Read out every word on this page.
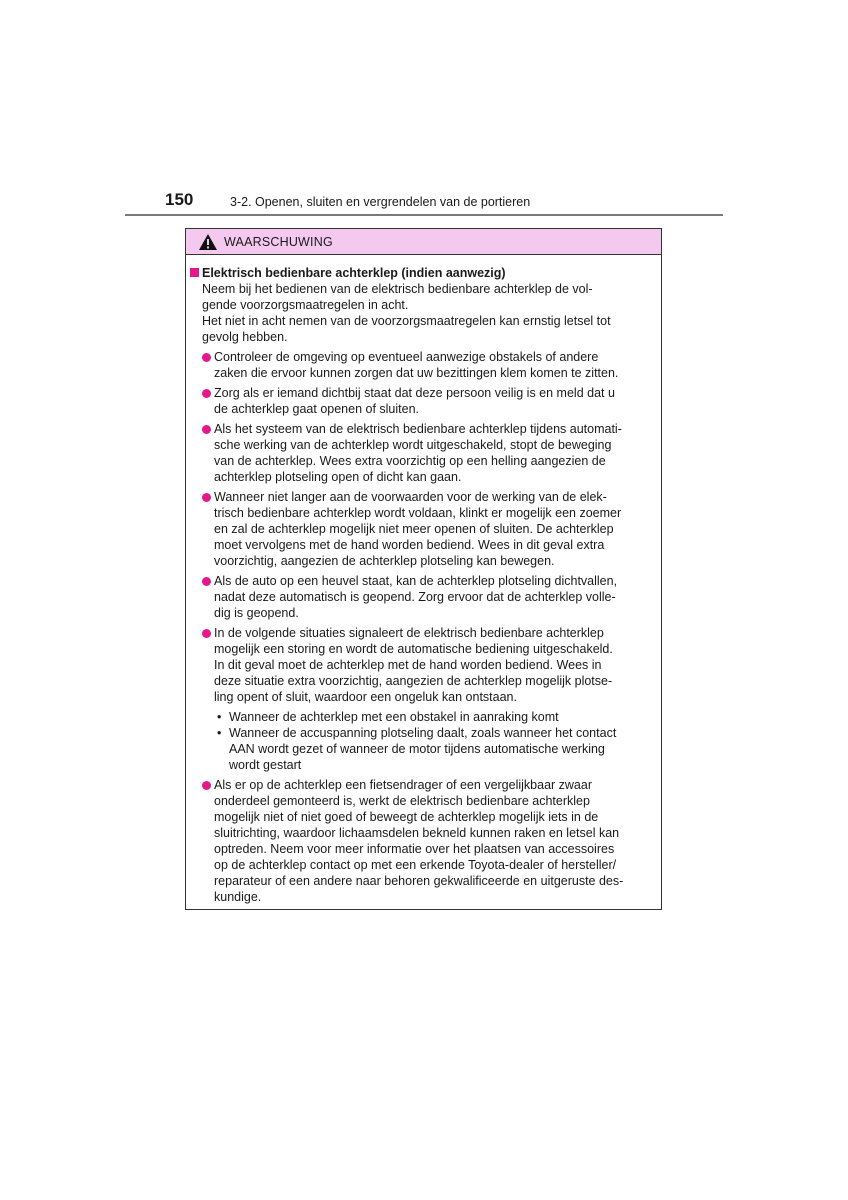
150	3-2. Openen, sluiten en vergrendelen van de portieren
WAARSCHUWING
Elektrisch bedienbare achterklep (indien aanwezig)
Neem bij het bedienen van de elektrisch bedienbare achterklep de vol-
gende voorzorgsmaatregelen in acht.
Het niet in acht nemen van de voorzorgsmaatregelen kan ernstig letsel tot
gevolg hebben.
Controleer de omgeving op eventueel aanwezige obstakels of andere
zaken die ervoor kunnen zorgen dat uw bezittingen klem komen te zitten.
Zorg als er iemand dichtbij staat dat deze persoon veilig is en meld dat u
de achterklep gaat openen of sluiten.
Als het systeem van de elektrisch bedienbare achterklep tijdens automati-
sche werking van de achterklep wordt uitgeschakeld, stopt de beweging
van de achterklep. Wees extra voorzichtig op een helling aangezien de
achterklep plotseling open of dicht kan gaan.
Wanneer niet langer aan de voorwaarden voor de werking van de elek-
trisch bedienbare achterklep wordt voldaan, klinkt er mogelijk een zoemer
en zal de achterklep mogelijk niet meer openen of sluiten. De achterklep
moet vervolgens met de hand worden bediend. Wees in dit geval extra
voorzichtig, aangezien de achterklep plotseling kan bewegen.
Als de auto op een heuvel staat, kan de achterklep plotseling dichtvallen,
nadat deze automatisch is geopend. Zorg ervoor dat de achterklep volle-
dig is geopend.
In de volgende situaties signaleert de elektrisch bedienbare achterklep
mogelijk een storing en wordt de automatische bediening uitgeschakeld.
In dit geval moet de achterklep met de hand worden bediend. Wees in
deze situatie extra voorzichtig, aangezien de achterklep mogelijk plotse-
ling opent of sluit, waardoor een ongeluk kan ontstaan.
• Wanneer de achterklep met een obstakel in aanraking komt
• Wanneer de accuspanning plotseling daalt, zoals wanneer het contact
AAN wordt gezet of wanneer de motor tijdens automatische werking
wordt gestart
Als er op de achterklep een fietsendrager of een vergelijkbaar zwaar
onderdeel gemonteerd is, werkt de elektrisch bedienbare achterklep
mogelijk niet of niet goed of beweegt de achterklep mogelijk iets in de
sluitrichting, waardoor lichaamsdelen bekneld kunnen raken en letsel kan
optreden. Neem voor meer informatie over het plaatsen van accessoires
op de achterklep contact op met een erkende Toyota-dealer of hersteller/
reparateur of een andere naar behoren gekwalificeerde en uitgeruste des-
kundige.
